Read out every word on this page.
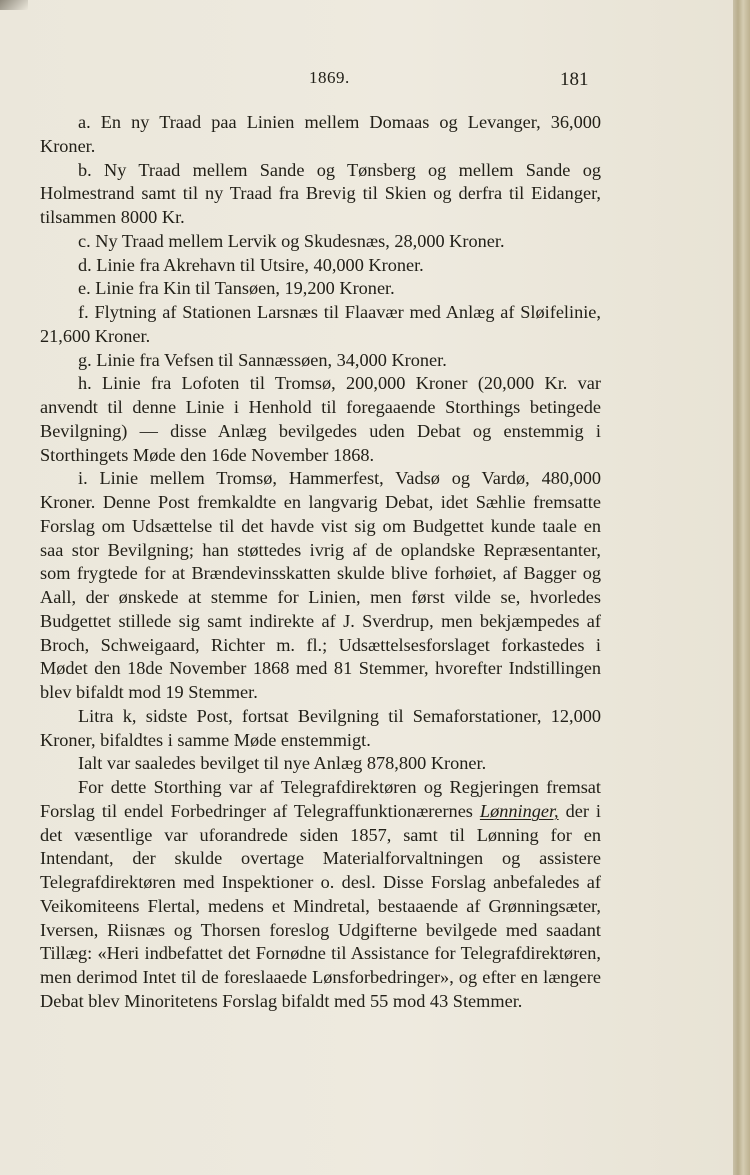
1869.	181

a. En ny Traad paa Linien mellem Domaas og Levanger, 36,000 Kroner.

b. Ny Traad mellem Sande og Tønsberg og mellem Sande og Holmestrand samt til ny Traad fra Brevig til Skien og derfra til Eidanger, tilsammen 8000 Kr.

c. Ny Traad mellem Lervik og Skudesnæs, 28,000 Kroner.

d. Linie fra Akrehavn til Utsire, 40,000 Kroner.

e. Linie fra Kin til Tansøen, 19,200 Kroner.

f. Flytning af Stationen Larsnæs til Flaavær med Anlæg af Sløifelinie, 21,600 Kroner.

g. Linie fra Vefsen til Sannæssøen, 34,000 Kroner.

h. Linie fra Lofoten til Tromsø, 200,000 Kroner (20,000 Kr. var anvendt til denne Linie i Henhold til foregaaende Storthings betingede Bevilgning) — disse Anlæg bevilgedes uden Debat og enstemmig i Storthingets Møde den 16de November 1868.

i. Linie mellem Tromsø, Hammerfest, Vadsø og Vardø, 480,000 Kroner. Denne Post fremkaldte en langvarig Debat, idet Sæhlie fremsatte Forslag om Udsættelse til det havde vist sig om Budgettet kunde taale en saa stor Bevilgning; han støttedes ivrig af de oplandske Repræsentanter, som frygtede for at Brændevinsskatten skulde blive forhøiet, af Bagger og Aall, der ønskede at stemme for Linien, men først vilde se, hvorledes Budgettet stillede sig samt indirekte af J. Sverdrup, men bekjæmpedes af Broch, Schweigaard, Richter m. fl.; Udsættelsesforslaget forkastedes i Mødet den 18de November 1868 med 81 Stemmer, hvorefter Indstillingen blev bifaldt mod 19 Stemmer.

Litra k, sidste Post, fortsat Bevilgning til Semaforstationer, 12,000 Kroner, bifaldtes i samme Møde enstemmigt.

Ialt var saaledes bevilget til nye Anlæg 878,800 Kroner.

For dette Storthing var af Telegrafdirektøren og Regjeringen fremsat Forslag til endel Forbedringer af Telegraffunktionærernes Lønninger, der i det væsentlige var uforandrede siden 1857, samt til Lønning for en Intendant, der skulde overtage Materialforvaltningen og assistere Telegrafdirektøren med Inspektioner o. desl. Disse Forslag anbefaledes af Veikomiteens Flertal, medens et Mindretal, bestaaende af Grønningsæter, Iversen, Riisnæs og Thorsen foreslog Udgifterne bevilgede med saadant Tillæg: «Heri indbefattet det Fornødne til Assistance for Telegrafdirektøren, men derimod Intet til de foreslaaede Lønsforbedringer», og efter en længere Debat blev Minoritetens Forslag bifaldt med 55 mod 43 Stemmer.
